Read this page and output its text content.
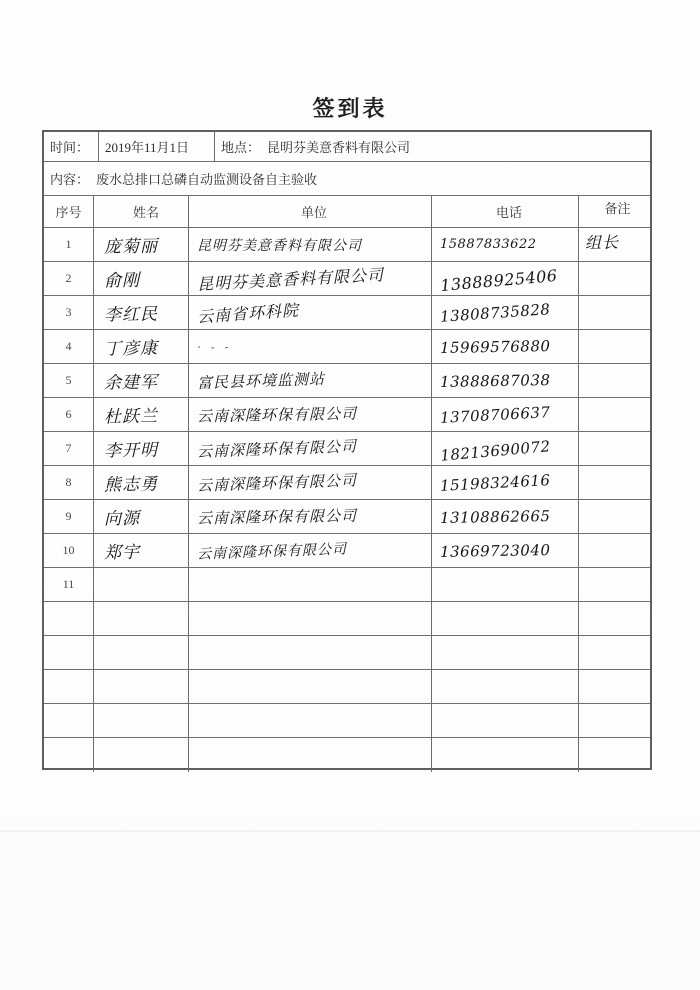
签到表
时间：	2019年11月1日	地点： 昆明芬美意香料有限公司
内容： 废水总排口总磷自动监测设备自主验收
序号	姓名	单位	电话	备注
1	庞菊丽	昆明芬美意香料有限公司	15887833622	组长
2	俞刚	昆明芬美意香料有限公司	13888925406
3	李红民 云南省环科院	13808735828
4	丁彦康	· ‐ ‐	15969576880
5	余建军	富民县环境监测站	13888687038
6	杜跃兰	云南深隆环保有限公司	13708706637
7	李开明	云南深隆环保有限公司	18213690072
8	熊志勇	云南深隆环保有限公司	15198324616
9	向源	云南深隆环保有限公司	13108862665
10	郑宇	云南深隆环保有限公司	13669723040
11
